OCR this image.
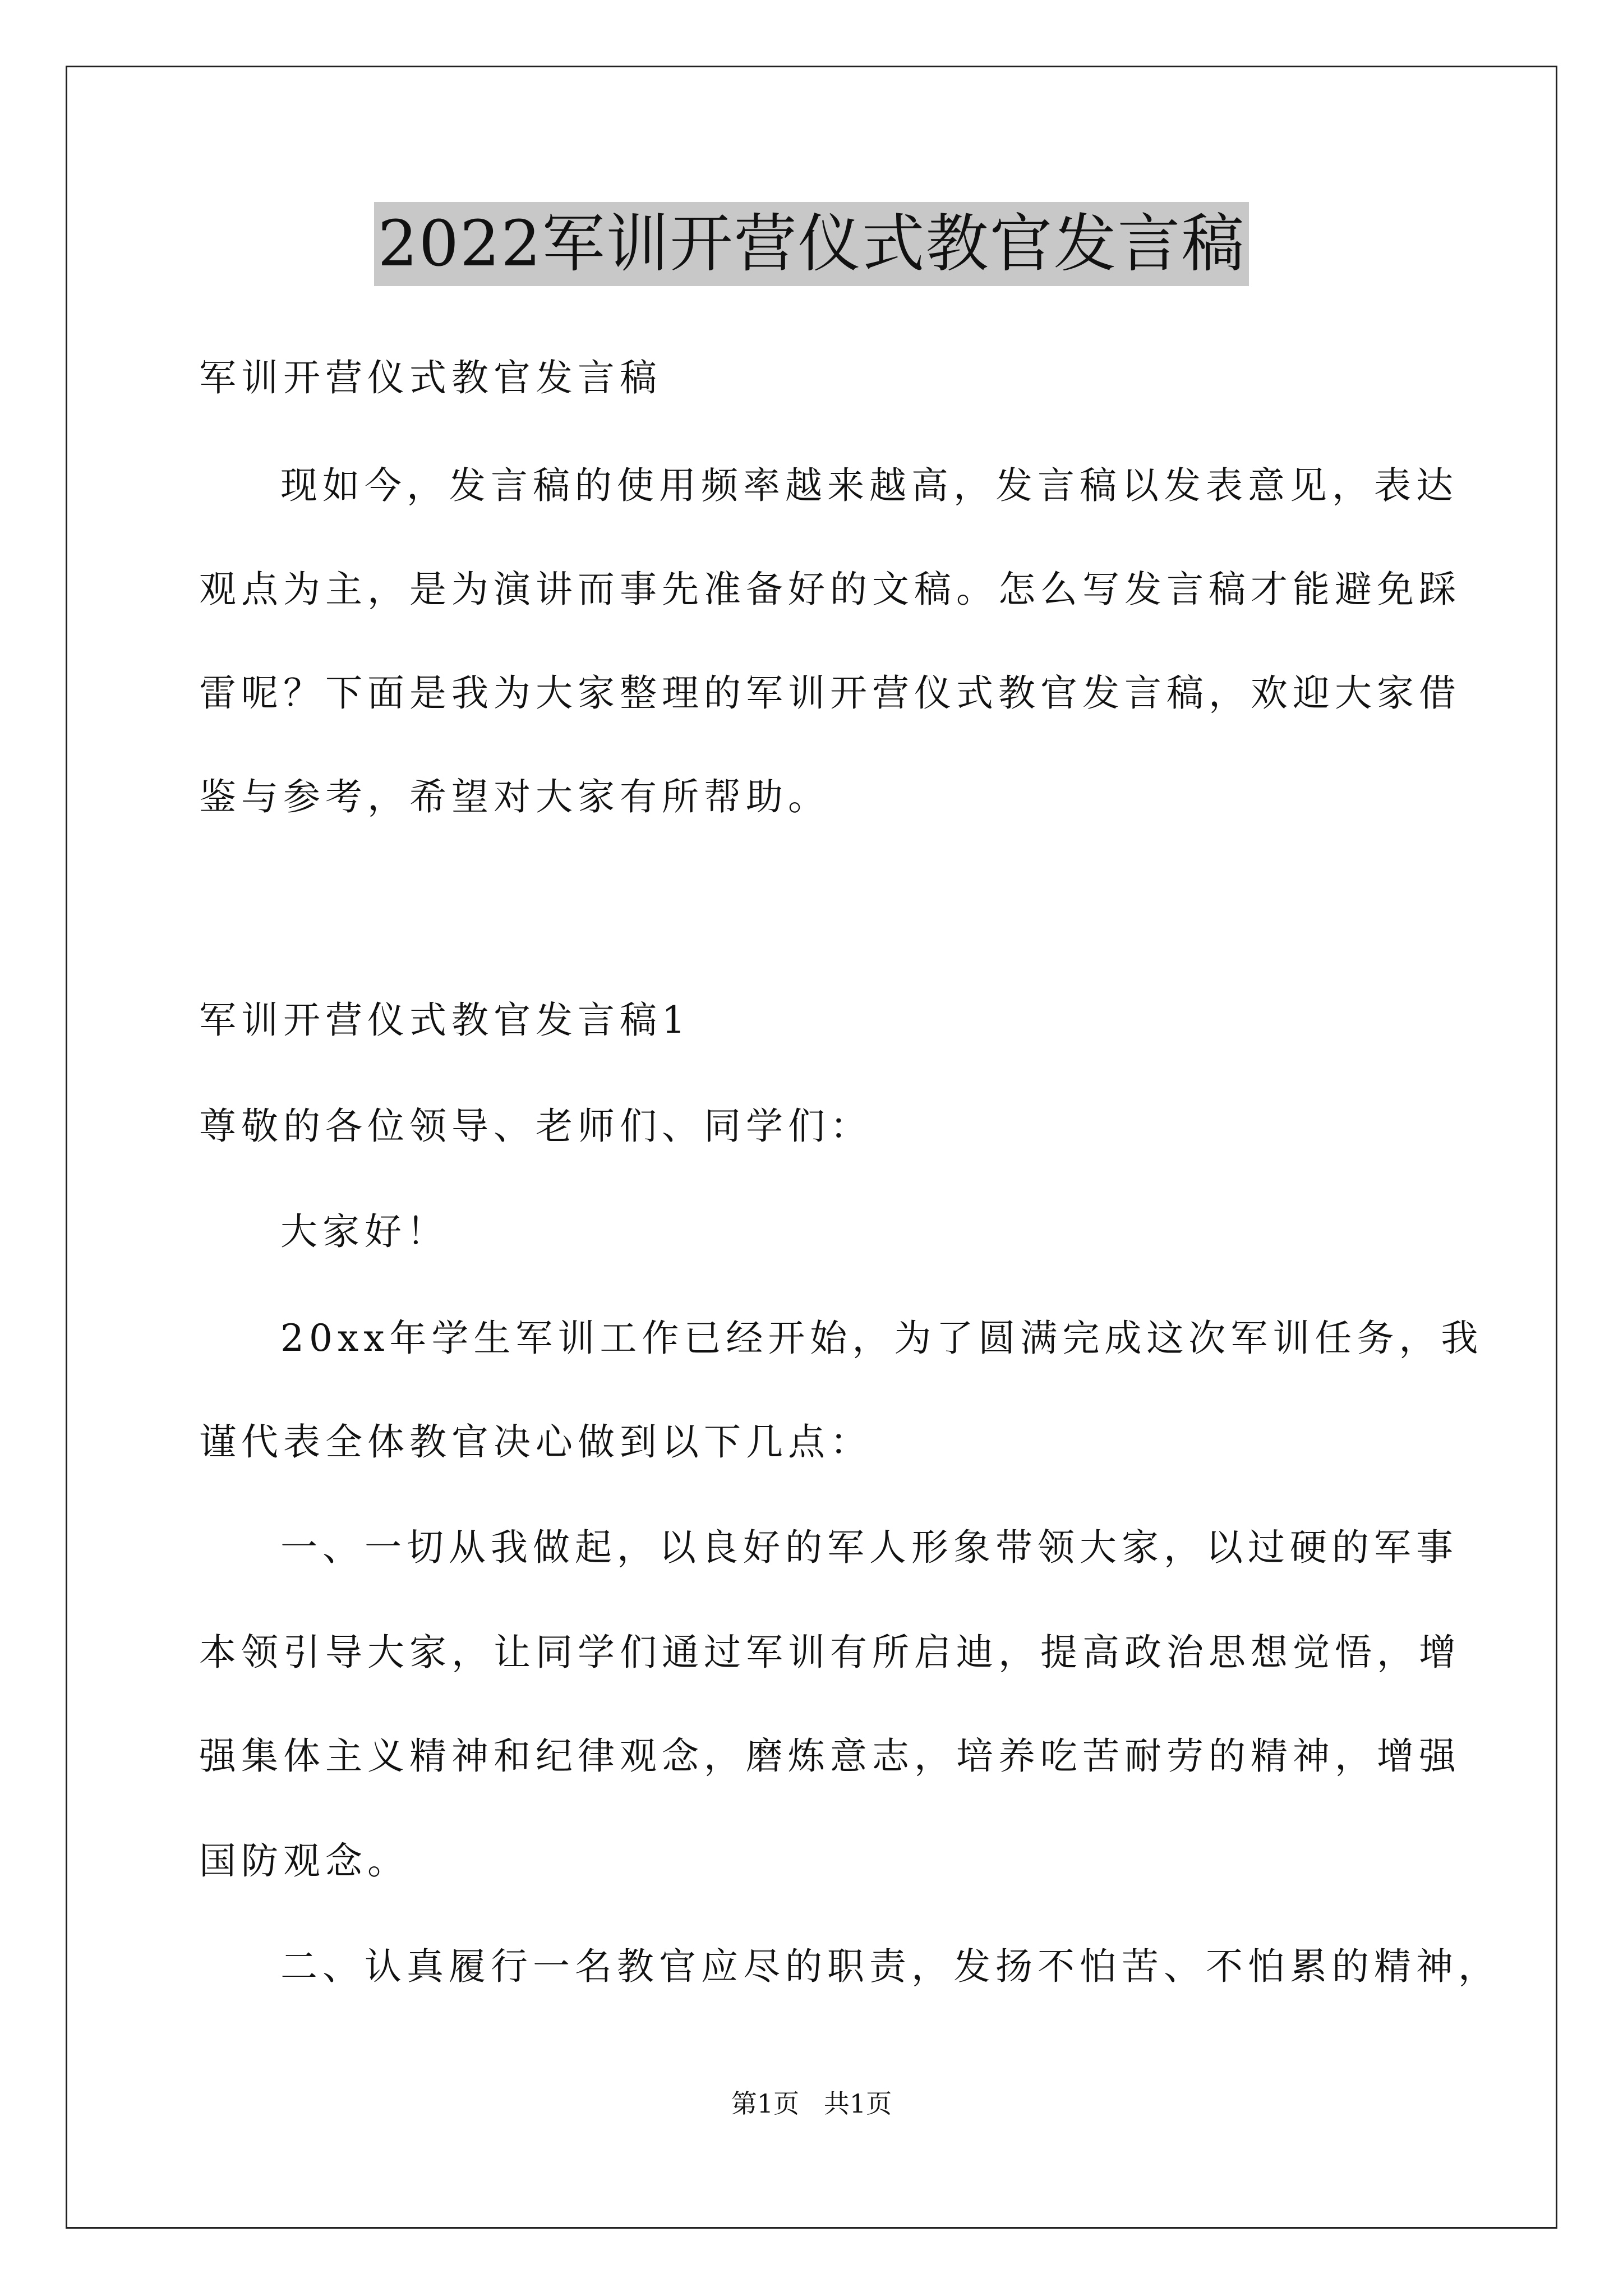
2022军训开营仪式教官发言稿
军训开营仪式教官发言稿
现如今，发言稿的使用频率越来越高，发言稿以发表意见，表达
观点为主，是为演讲而事先准备好的文稿。怎么写发言稿才能避免踩
雷呢？下面是我为大家整理的军训开营仪式教官发言稿，欢迎大家借
鉴与参考，希望对大家有所帮助。
军训开营仪式教官发言稿1
尊敬的各位领导、老师们、同学们：
大家好！
20xx年学生军训工作已经开始，为了圆满完成这次军训任务，我
谨代表全体教官决心做到以下几点：
一、一切从我做起，以良好的军人形象带领大家，以过硬的军事
本领引导大家，让同学们通过军训有所启迪，提高政治思想觉悟，增
强集体主义精神和纪律观念，磨炼意志，培养吃苦耐劳的精神，增强
国防观念。
二、认真履行一名教官应尽的职责，发扬不怕苦、不怕累的精神，
第1页   共1页
